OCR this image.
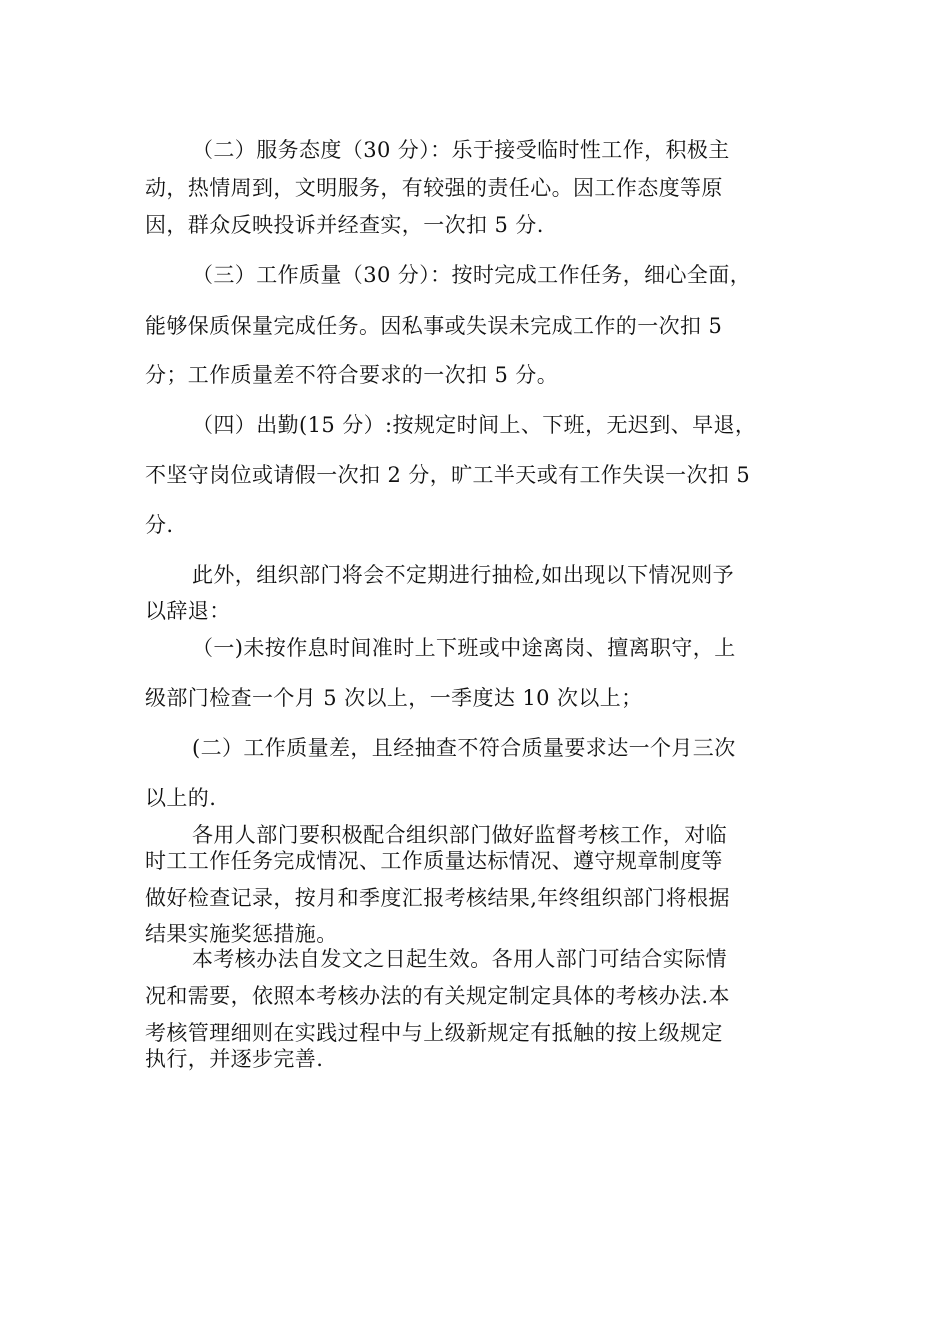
（二）服务态度（30 分）：乐于接受临时性工作，积极主
动，热情周到，文明服务，有较强的责任心。因工作态度等原
因，群众反映投诉并经查实，一次扣 5 分.
（三）工作质量（30 分）：按时完成工作任务，细心全面，
能够保质保量完成任务。因私事或失误未完成工作的一次扣 5
分；工作质量差不符合要求的一次扣 5 分。
（四）出勤(15 分）:按规定时间上、下班，无迟到、早退，
不坚守岗位或请假一次扣 2 分，旷工半天或有工作失误一次扣 5
分.
此外，组织部门将会不定期进行抽检,如出现以下情况则予
以辞退：
（一)未按作息时间准时上下班或中途离岗、擅离职守，上
级部门检查一个月 5 次以上，一季度达 10 次以上；
(二）工作质量差，且经抽查不符合质量要求达一个月三次
以上的.
各用人部门要积极配合组织部门做好监督考核工作，对临
时工工作任务完成情况、工作质量达标情况、遵守规章制度等
做好检查记录，按月和季度汇报考核结果,年终组织部门将根据
结果实施奖惩措施。
本考核办法自发文之日起生效。各用人部门可结合实际情
况和需要，依照本考核办法的有关规定制定具体的考核办法.本
考核管理细则在实践过程中与上级新规定有抵触的按上级规定
执行，并逐步完善.
